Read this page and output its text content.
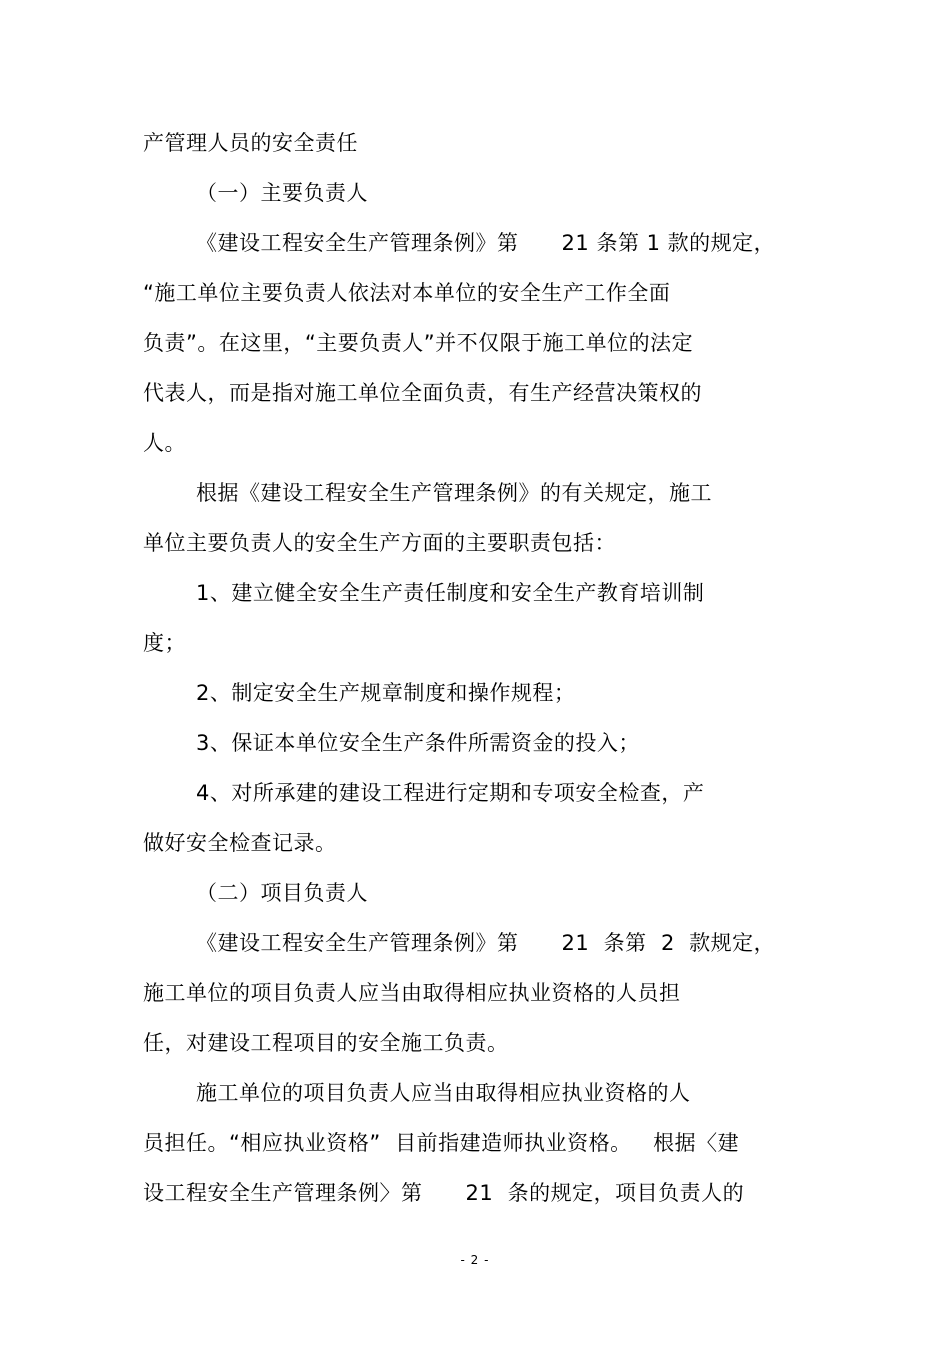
产管理人员的安全责任
（一）主要负责人
《建设工程安全生产管理条例》第      21 条第 1 款的规定，
“施工单位主要负责人依法对本单位的安全生产工作全面
负责”。在这里，“主要负责人”并不仅限于施工单位的法定
代表人，而是指对施工单位全面负责，有生产经营决策权的
人。
根据《建设工程安全生产管理条例》的有关规定，施工
单位主要负责人的安全生产方面的主要职责包括：
1、建立健全安全生产责任制度和安全生产教育培训制
度；
2、制定安全生产规章制度和操作规程；
3、保证本单位安全生产条件所需资金的投入；
4、对所承建的建设工程进行定期和专项安全检查，产
做好安全检查记录。
（二）项目负责人
《建设工程安全生产管理条例》第      21  条第  2  款规定，
施工单位的项目负责人应当由取得相应执业资格的人员担
任，对建设工程项目的安全施工负责。
施工单位的项目负责人应当由取得相应执业资格的人
员担任。“相应执业资格”  目前指建造师执业资格。   根据〈建
设工程安全生产管理条例〉第      21  条的规定，项目负责人的
- 2 -
